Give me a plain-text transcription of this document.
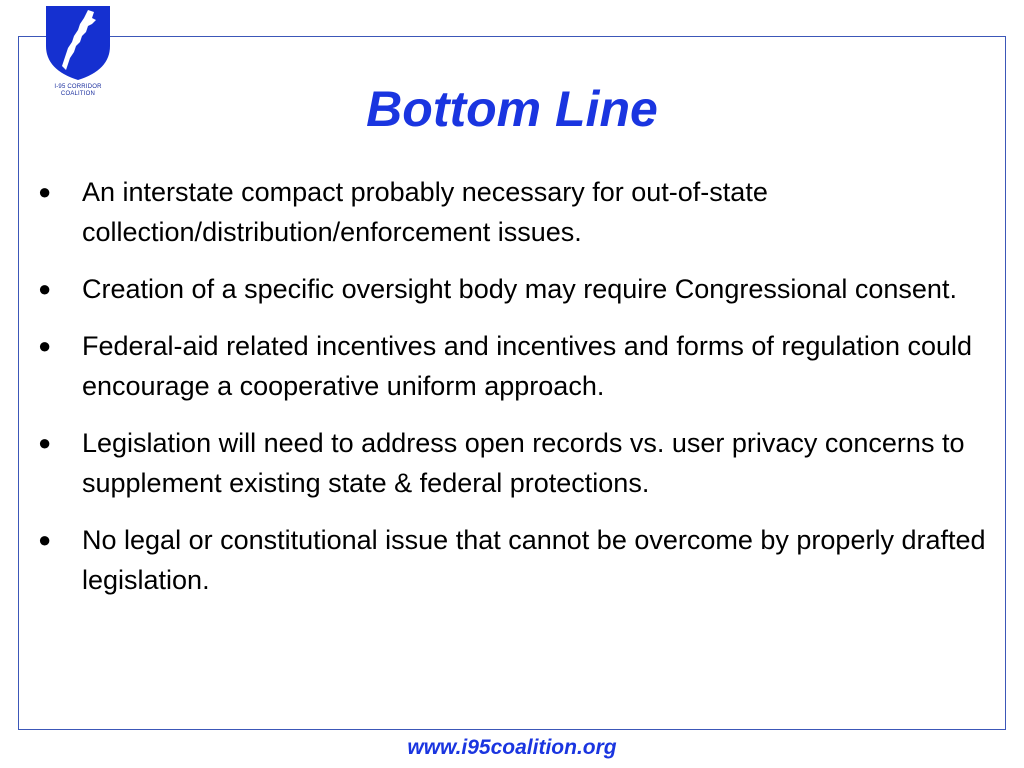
I-95 CORRIDOR
COALITION	Bottom Line
● An interstate compact probably necessary for out-of-state collection/distribution/enforcement issues.
● Creation of a specific oversight body may require Congressional consent.
● Federal-aid related incentives and incentives and forms of regulation could encourage a cooperative uniform approach.
● Legislation will need to address open records vs. user privacy concerns to supplement existing state & federal protections.
● No legal or constitutional issue that cannot be overcome by properly drafted legislation.
www.i95coalition.org
